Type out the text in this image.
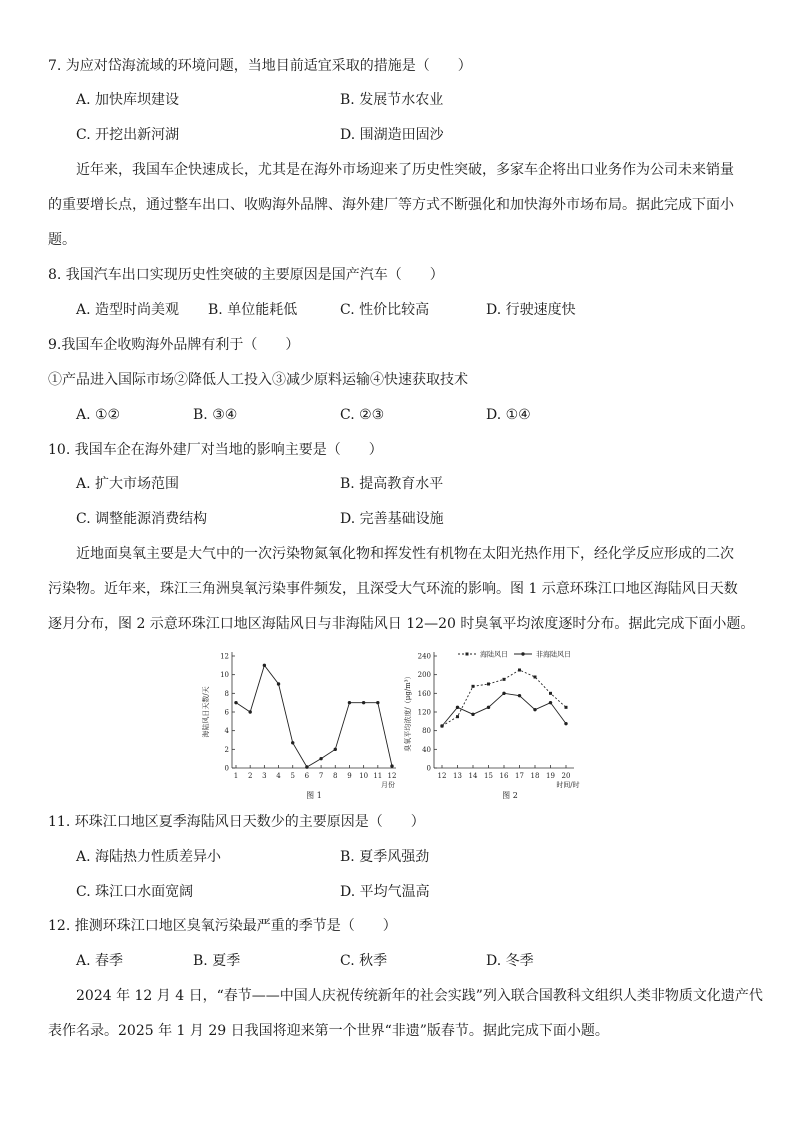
7. 为应对岱海流域的环境问题，当地目前适宜采取的措施是（　　）
A. 加快库坝建设	B. 发展节水农业
C. 开挖出新河湖	D. 围湖造田固沙
近年来，我国车企快速成长，尤其是在海外市场迎来了历史性突破，多家车企将出口业务作为公司未来销量
的重要增长点，通过整车出口、收购海外品牌、海外建厂等方式不断强化和加快海外市场布局。据此完成下面小
题。
8. 我国汽车出口实现历史性突破的主要原因是国产汽车（　　）
A. 造型时尚美观 B. 单位能耗低	C. 性价比较高	D. 行驶速度快
9.我国车企收购海外品牌有利于（　　）
①产品进入国际市场②降低人工投入③减少原料运输④快速获取技术
A. ①②	B. ③④	C. ②③	D. ①④
10. 我国车企在海外建厂对当地的影响主要是（　　）
A. 扩大市场范围	B. 提高教育水平
C. 调整能源消费结构	D. 完善基础设施
近地面臭氧主要是大气中的一次污染物氮氧化物和挥发性有机物在太阳光热作用下，经化学反应形成的二次
污染物。近年来，珠江三角洲臭氧污染事件频发，且深受大气环流的影响。图 1 示意环珠江口地区海陆风日天数
逐月分布，图 2 示意环珠江口地区海陆风日与非海陆风日 12—20 时臭氧平均浓度逐时分布。据此完成下面小题。
0
2
4
6
8
10
12
1 2 3 4 5 6 7 8 9 10 11 12
海陆风日天数/天
月份
图 1
0
40
80
120
160
200
240
12 13 14 15 16 17 18 19 20
臭氧平均浓度/（μg/m³）
时间/时
图 2
海陆风日	非海陆风日
11. 环珠江口地区夏季海陆风日天数少的主要原因是（　　）
A. 海陆热力性质差异小	B. 夏季风强劲
C. 珠江口水面宽阔	D. 平均气温高
12. 推测环珠江口地区臭氧污染最严重的季节是（　　）
A. 春季	B. 夏季	C. 秋季	D. 冬季
2024 年 12 月 4 日，“春节——中国人庆祝传统新年的社会实践”列入联合国教科文组织人类非物质文化遗产代
表作名录。2025 年 1 月 29 日我国将迎来第一个世界“非遗”版春节。据此完成下面小题。
